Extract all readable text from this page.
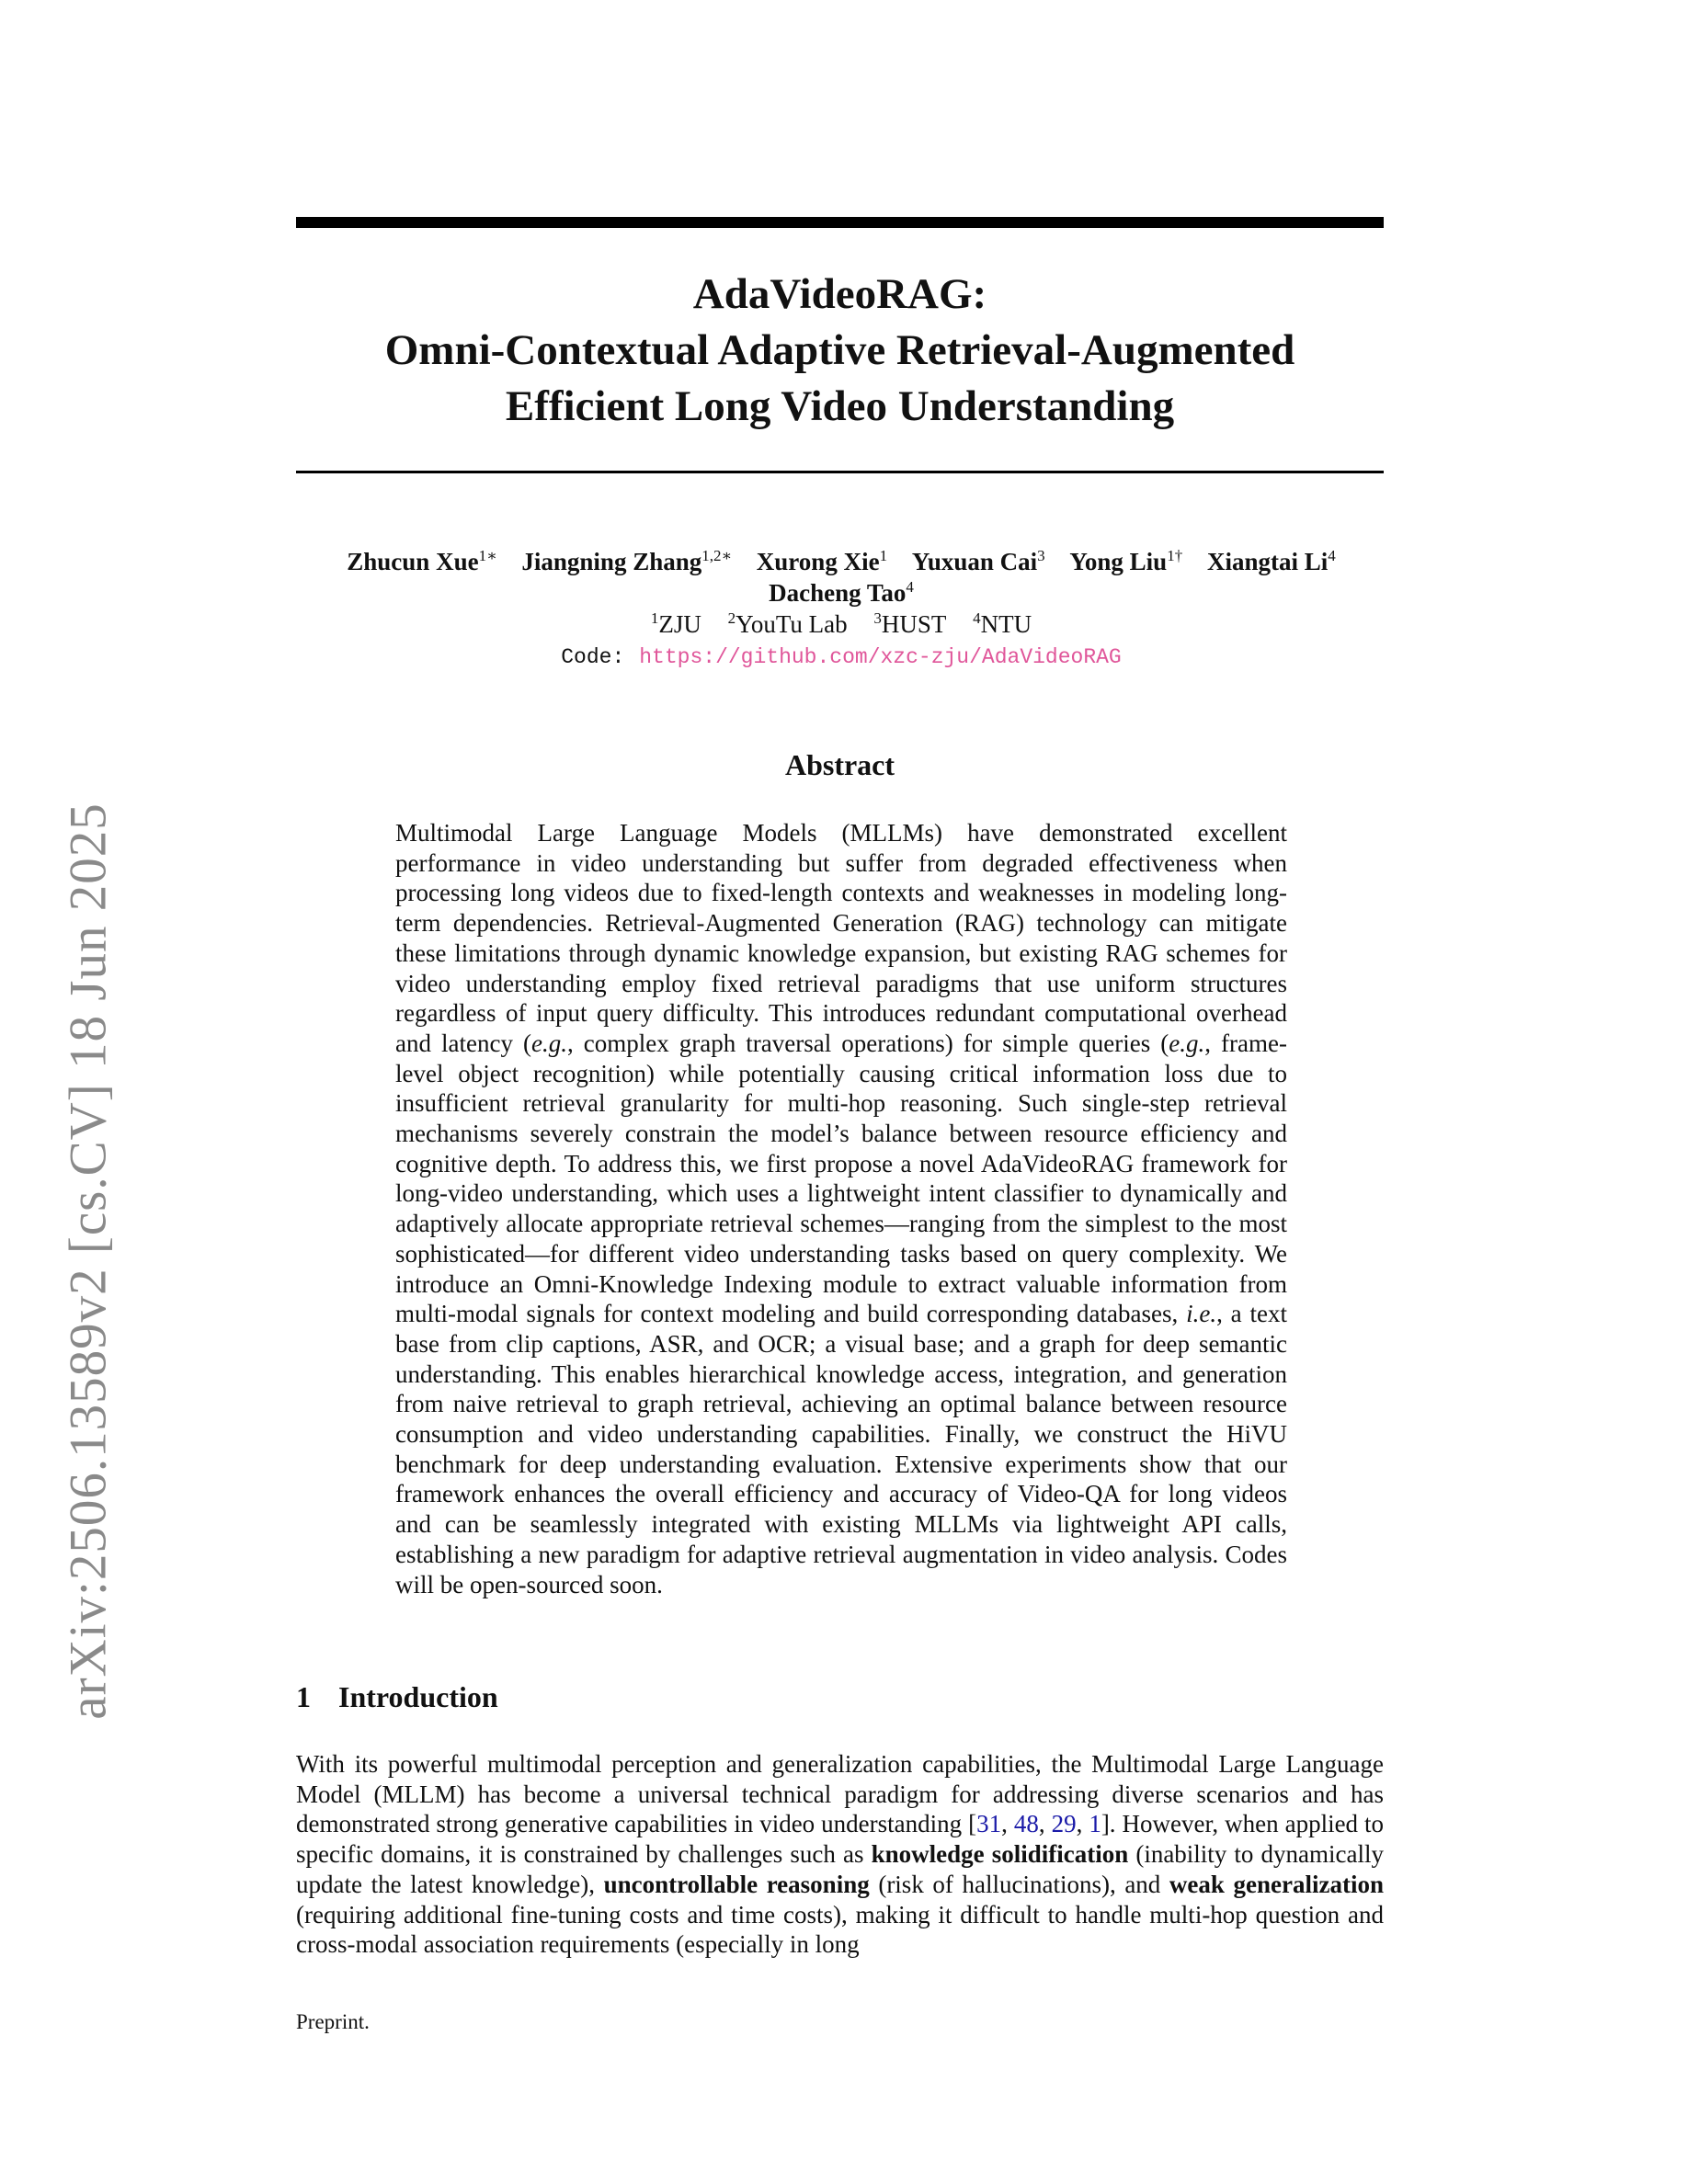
arXiv:2506.13589v2 [cs.CV] 18 Jun 2025
AdaVideoRAG:
Omni-Contextual Adaptive Retrieval-Augmented
Efficient Long Video Understanding
Zhucun Xue$^{1∗}$ Jiangning Zhang$^{1,2∗}$ Xurong Xie$^1$ Yuxuan Cai$^3$ Yong Liu$^{1\dagger}$ Xiangtai Li$^4$
Dacheng Tao$^4$
$^1$ZJU $^2$YouTu Lab $^3$HUST $^4$NTU
Code: https://github.com/xzc-zju/AdaVideoRAG
Abstract

Multimodal Large Language Models (MLLMs) have demonstrated excellent performance in video understanding but suffer from degraded effectiveness when processing long videos due to fixed-length contexts and weaknesses in modeling long-term dependencies. Retrieval-Augmented Generation (RAG) technology can mitigate these limitations through dynamic knowledge expansion, but existing RAG schemes for video understanding employ fixed retrieval paradigms that use uniform structures regardless of input query difficulty. This introduces redundant computational overhead and latency (e.g., complex graph traversal operations) for simple queries (e.g., frame-level object recognition) while potentially causing critical information loss due to insufficient retrieval granularity for multi-hop reasoning. Such single-step retrieval mechanisms severely constrain the model’s balance between resource efficiency and cognitive depth. To address this, we first propose a novel AdaVideoRAG framework for long-video understanding, which uses a lightweight intent classifier to dynamically and adaptively allocate appropriate retrieval schemes—ranging from the simplest to the most sophisticated—for different video understanding tasks based on query complexity. We introduce an Omni-Knowledge Indexing module to extract valuable information from multi-modal signals for context modeling and build corresponding databases, i.e., a text base from clip captions, ASR, and OCR; a visual base; and a graph for deep semantic understanding. This enables hierarchical knowledge access, integration, and generation from naive retrieval to graph retrieval, achieving an optimal balance between resource consumption and video understanding capabilities. Finally, we construct the HiVU benchmark for deep understanding evaluation. Extensive experiments show that our framework enhances the overall efficiency and accuracy of Video-QA for long videos and can be seamlessly integrated with existing MLLMs via lightweight API calls, establishing a new paradigm for adaptive retrieval augmentation in video analysis. Codes will be open-sourced soon.

1 Introduction

With its powerful multimodal perception and generalization capabilities, the Multimodal Large Language Model (MLLM) has become a universal technical paradigm for addressing diverse scenarios and has demonstrated strong generative capabilities in video understanding [31, 48, 29, 1]. However, when applied to specific domains, it is constrained by challenges such as knowledge solidification (inability to dynamically update the latest knowledge), uncontrollable reasoning (risk of hallucinations), and weak generalization (requiring additional fine-tuning costs and time costs), making it difficult to handle multi-hop question and cross-modal association requirements (especially in long

Preprint.
